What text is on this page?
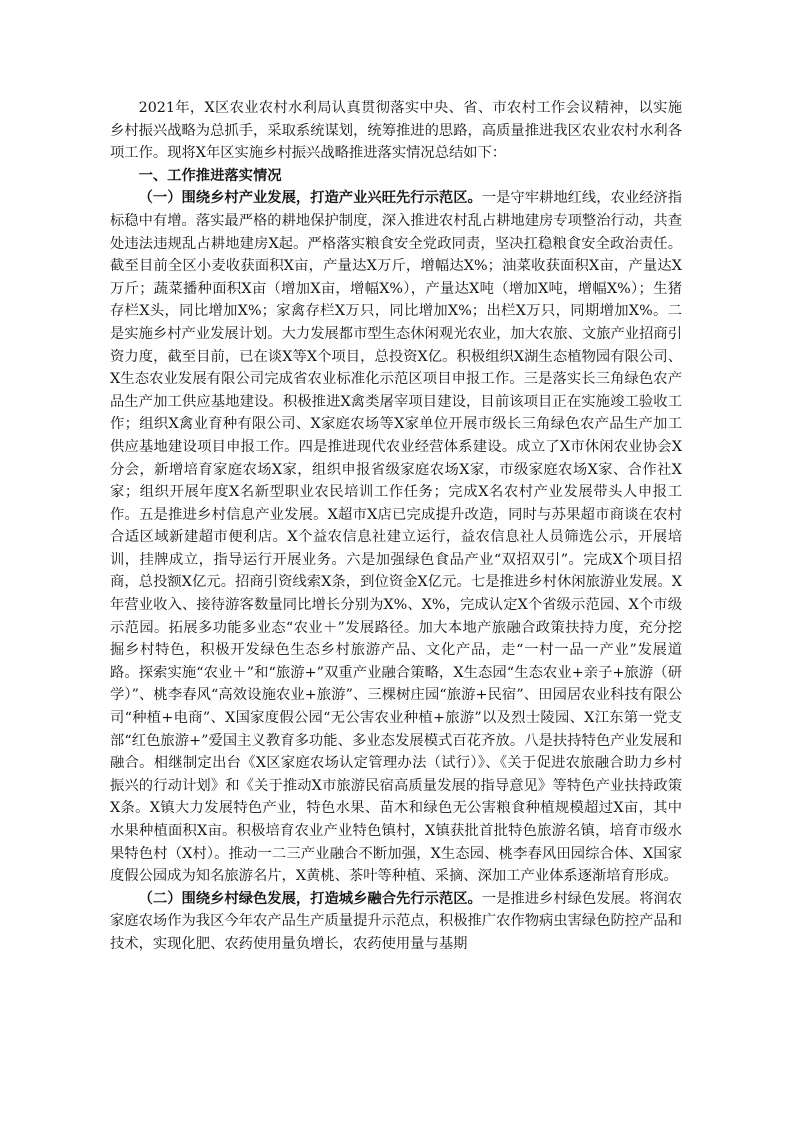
2021年，X区农业农村水利局认真贯彻落实中央、省、市农村工作会议精神，以实施乡村振兴战略为总抓手，采取系统谋划，统筹推进的思路，高质量推进我区农业农村水利各项工作。现将X年区实施乡村振兴战略推进落实情况总结如下：

一、工作推进落实情况

（一）围绕乡村产业发展，打造产业兴旺先行示范区。一是守牢耕地红线，农业经济指标稳中有增。落实最严格的耕地保护制度，深入推进农村乱占耕地建房专项整治行动，共查处违法违规乱占耕地建房X起。严格落实粮食安全党政同责，坚决扛稳粮食安全政治责任。截至目前全区小麦收获面积X亩，产量达X万斤，增幅达X%；油菜收获面积X亩，产量达X万斤；蔬菜播种面积X亩（增加X亩，增幅X%），产量达X吨（增加X吨，增幅X%）；生猪存栏X头，同比增加X%；家禽存栏X万只，同比增加X%；出栏X万只，同期增加X%。二是实施乡村产业发展计划。大力发展都市型生态休闲观光农业，加大农旅、文旅产业招商引资力度，截至目前，已在谈X等X个项目，总投资X亿。积极组织X湖生态植物园有限公司、X生态农业发展有限公司完成省农业标准化示范区项目申报工作。三是落实长三角绿色农产品生产加工供应基地建设。积极推进X禽类屠宰项目建设，目前该项目正在实施竣工验收工作；组织X禽业育种有限公司、X家庭农场等X家单位开展市级长三角绿色农产品生产加工供应基地建设项目申报工作。四是推进现代农业经营体系建设。成立了X市休闲农业协会X分会，新增培育家庭农场X家，组织申报省级家庭农场X家，市级家庭农场X家、合作社X家；组织开展年度X名新型职业农民培训工作任务；完成X名农村产业发展带头人申报工作。五是推进乡村信息产业发展。X超市X店已完成提升改造，同时与苏果超市商谈在农村合适区域新建超市便利店。X个益农信息社建立运行，益农信息社人员筛选公示，开展培训，挂牌成立，指导运行开展业务。六是加强绿色食品产业“双招双引”。完成X个项目招商，总投额X亿元。招商引资线索X条，到位资金X亿元。七是推进乡村休闲旅游业发展。X年营业收入、接待游客数量同比增长分别为X%、X%，完成认定X个省级示范园、X个市级示范园。拓展多功能多业态“农业＋”发展路径。加大本地产旅融合政策扶持力度，充分挖掘乡村特色，积极开发绿色生态乡村旅游产品、文化产品，走“一村一品一产业”发展道路。探索实施“农业＋”和“旅游+”双重产业融合策略，X生态园“生态农业+亲子+旅游（研学）”、桃李春风“高效设施农业+旅游”、三棵树庄园“旅游+民宿”、田园居农业科技有限公司“种植+电商”、X国家度假公园“无公害农业种植+旅游”以及烈士陵园、X江东第一党支部“红色旅游+”爱国主义教育多功能、多业态发展模式百花齐放。八是扶持特色产业发展和融合。相继制定出台《X区家庭农场认定管理办法（试行）》、《关于促进农旅融合助力乡村振兴的行动计划》和《关于推动X市旅游民宿高质量发展的指导意见》等特色产业扶持政策X条。X镇大力发展特色产业，特色水果、苗木和绿色无公害粮食种植规模超过X亩，其中水果种植面积X亩。积极培育农业产业特色镇村，X镇获批首批特色旅游名镇，培育市级水果特色村（X村）。推动一二三产业融合不断加强，X生态园、桃李春风田园综合体、X国家度假公园成为知名旅游名片，X黄桃、茶叶等种植、采摘、深加工产业体系逐渐培育形成。

（二）围绕乡村绿色发展，打造城乡融合先行示范区。一是推进乡村绿色发展。将润农家庭农场作为我区今年农产品生产质量提升示范点，积极推广农作物病虫害绿色防控产品和技术，实现化肥、农药使用量负增长，农药使用量与基期
